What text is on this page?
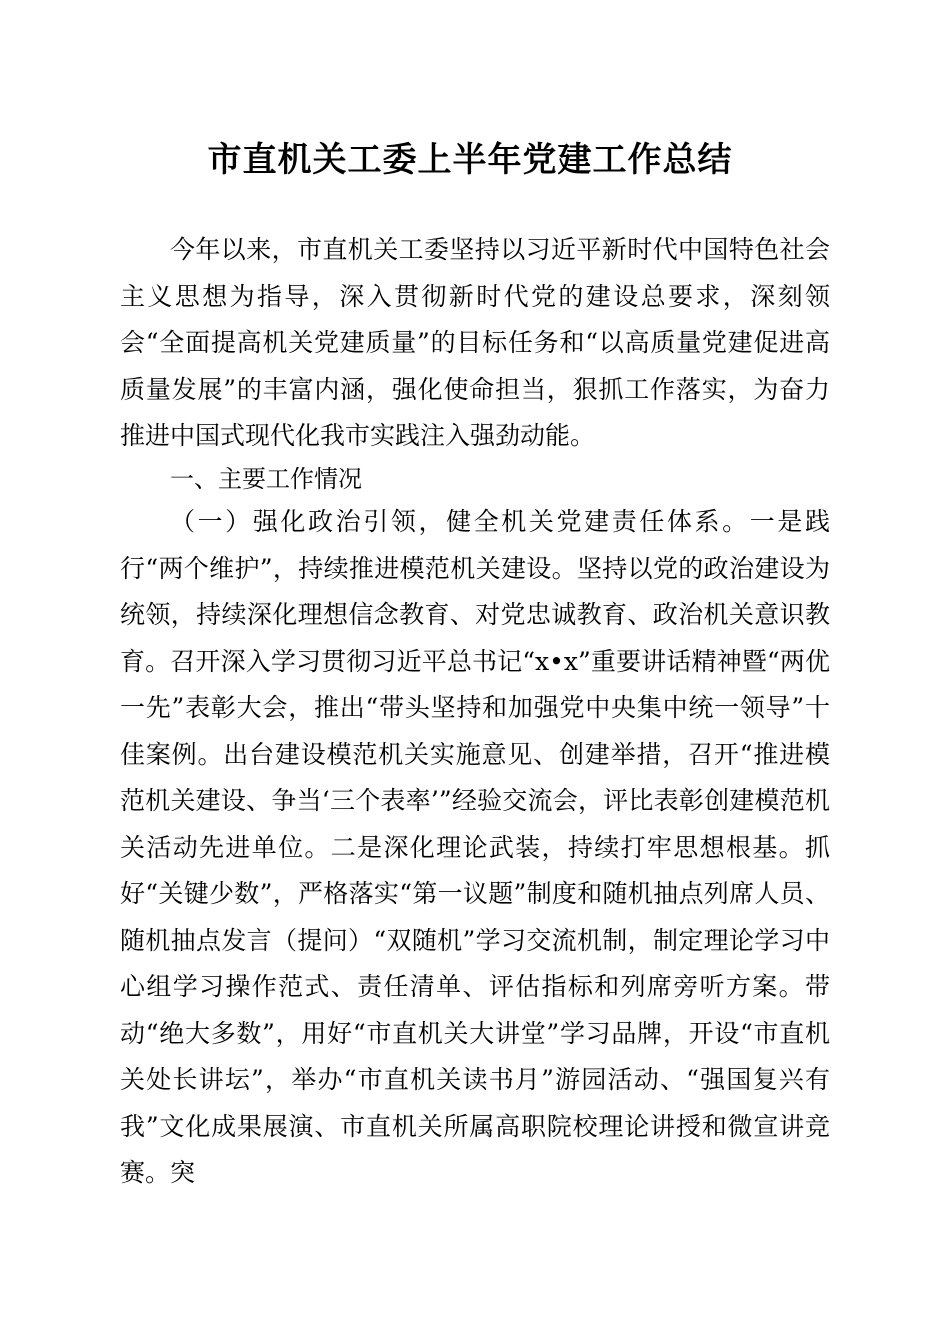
市直机关工委上半年党建工作总结

今年以来，市直机关工委坚持以习近平新时代中国特色社会主义思想为指导，深入贯彻新时代党的建设总要求，深刻领会“全面提高机关党建质量”的目标任务和“以高质量党建促进高质量发展”的丰富内涵，强化使命担当，狠抓工作落实，为奋力推进中国式现代化我市实践注入强劲动能。

一、主要工作情况

（一）强化政治引领，健全机关党建责任体系。一是践行“两个维护”，持续推进模范机关建设。坚持以党的政治建设为统领，持续深化理想信念教育、对党忠诚教育、政治机关意识教育。召开深入学习贯彻习近平总书记“x•x”重要讲话精神暨“两优一先”表彰大会，推出“带头坚持和加强党中央集中统一领导”十佳案例。出台建设模范机关实施意见、创建举措，召开“推进模范机关建设、争当‘三个表率’”经验交流会，评比表彰创建模范机关活动先进单位。二是深化理论武装，持续打牢思想根基。抓好“关键少数”，严格落实“第一议题”制度和随机抽点列席人员、随机抽点发言（提问）“双随机”学习交流机制，制定理论学习中心组学习操作范式、责任清单、评估指标和列席旁听方案。带动“绝大多数”，用好“市直机关大讲堂”学习品牌，开设“市直机关处长讲坛”，举办“市直机关读书月”游园活动、“强国复兴有我”文化成果展演、市直机关所属高职院校理论讲授和微宣讲竞赛。突
